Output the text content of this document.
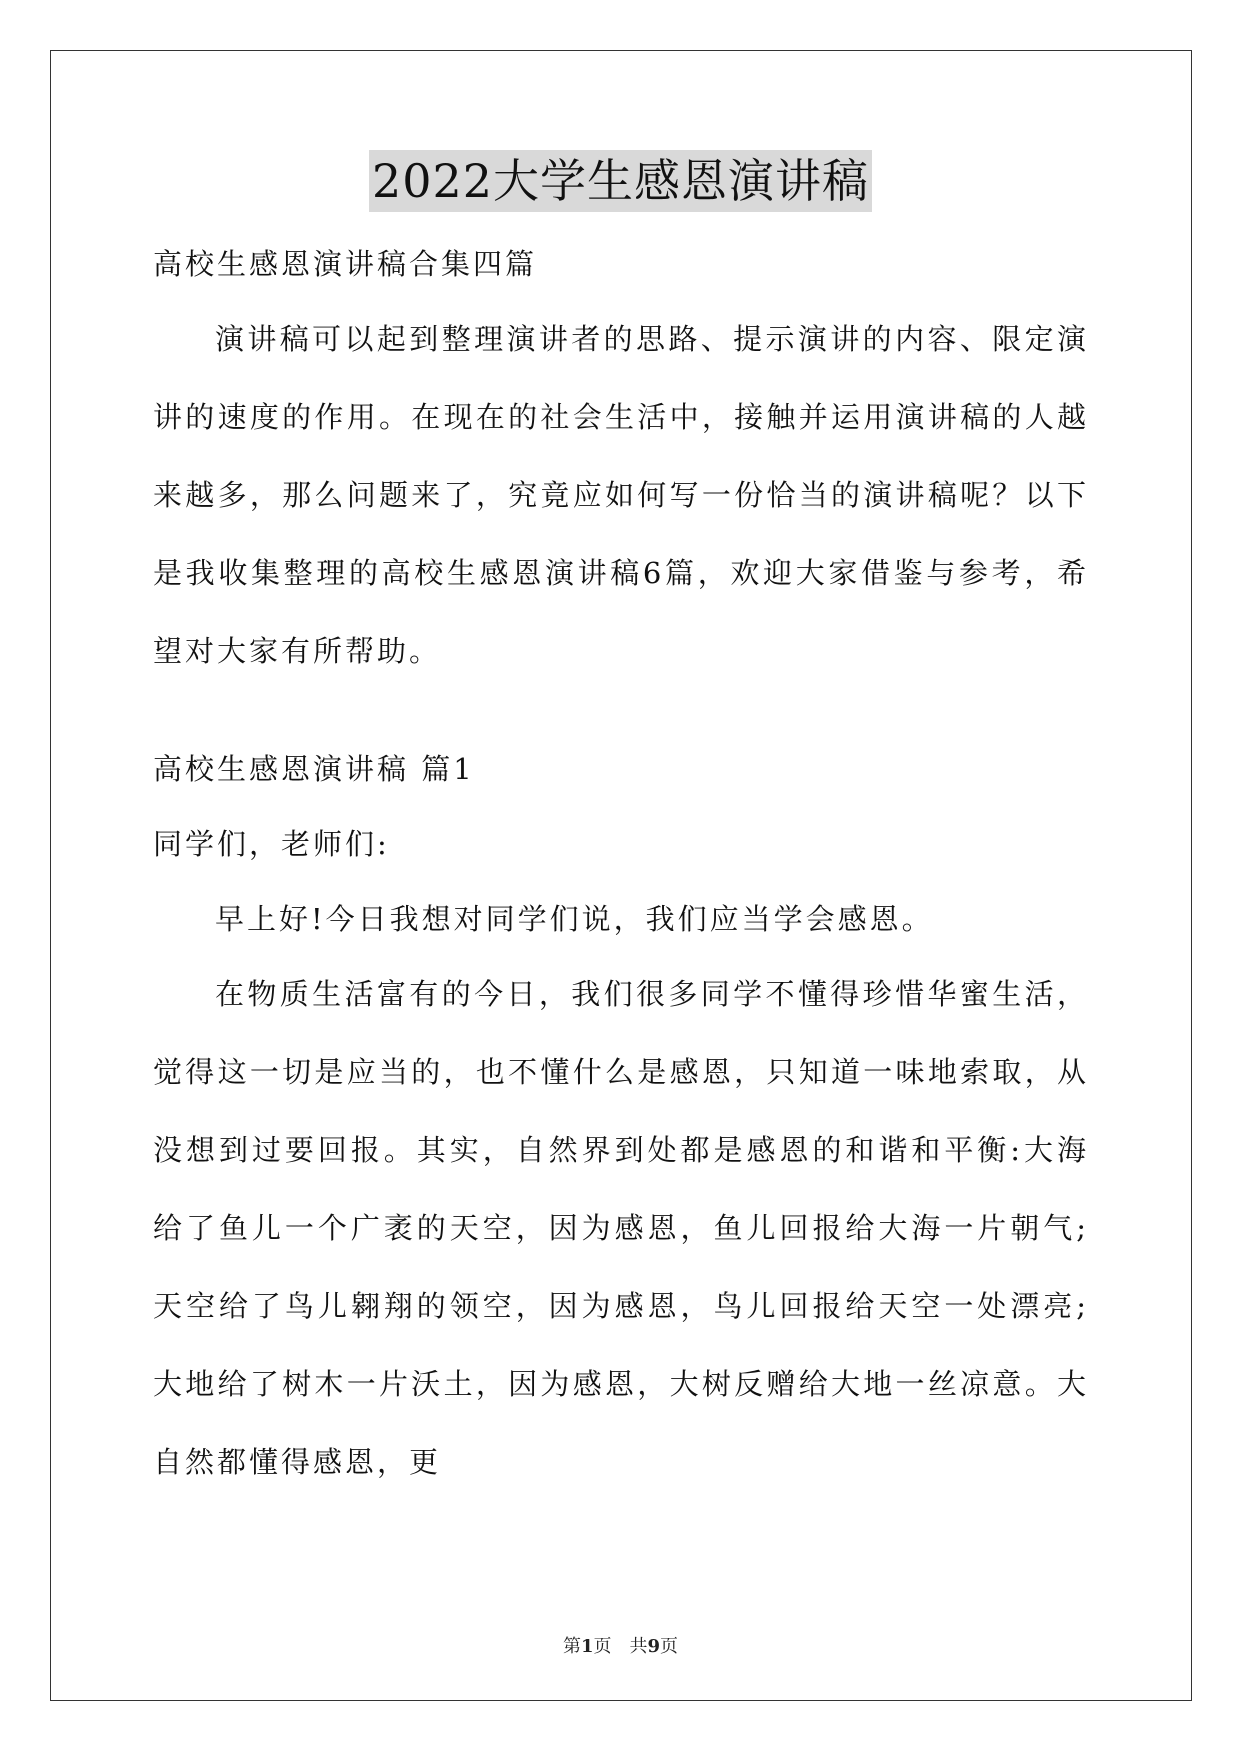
2022大学生感恩演讲稿

高校生感恩演讲稿合集四篇

演讲稿可以起到整理演讲者的思路、提示演讲的内容、限定演讲的速度的作用。在现在的社会生活中，接触并运用演讲稿的人越来越多，那么问题来了，究竟应如何写一份恰当的演讲稿呢？以下是我收集整理的高校生感恩演讲稿6篇，欢迎大家借鉴与参考，希望对大家有所帮助。

高校生感恩演讲稿 篇1

同学们，老师们:

早上好!今日我想对同学们说，我们应当学会感恩。

在物质生活富有的今日，我们很多同学不懂得珍惜华蜜生活，觉得这一切是应当的，也不懂什么是感恩，只知道一味地索取，从没想到过要回报。其实，自然界到处都是感恩的和谐和平衡:大海给了鱼儿一个广袤的天空，因为感恩，鱼儿回报给大海一片朝气;天空给了鸟儿翱翔的领空，因为感恩，鸟儿回报给天空一处漂亮;大地给了树木一片沃土，因为感恩，大树反赠给大地一丝凉意。大自然都懂得感恩，更

第1页　共9页
